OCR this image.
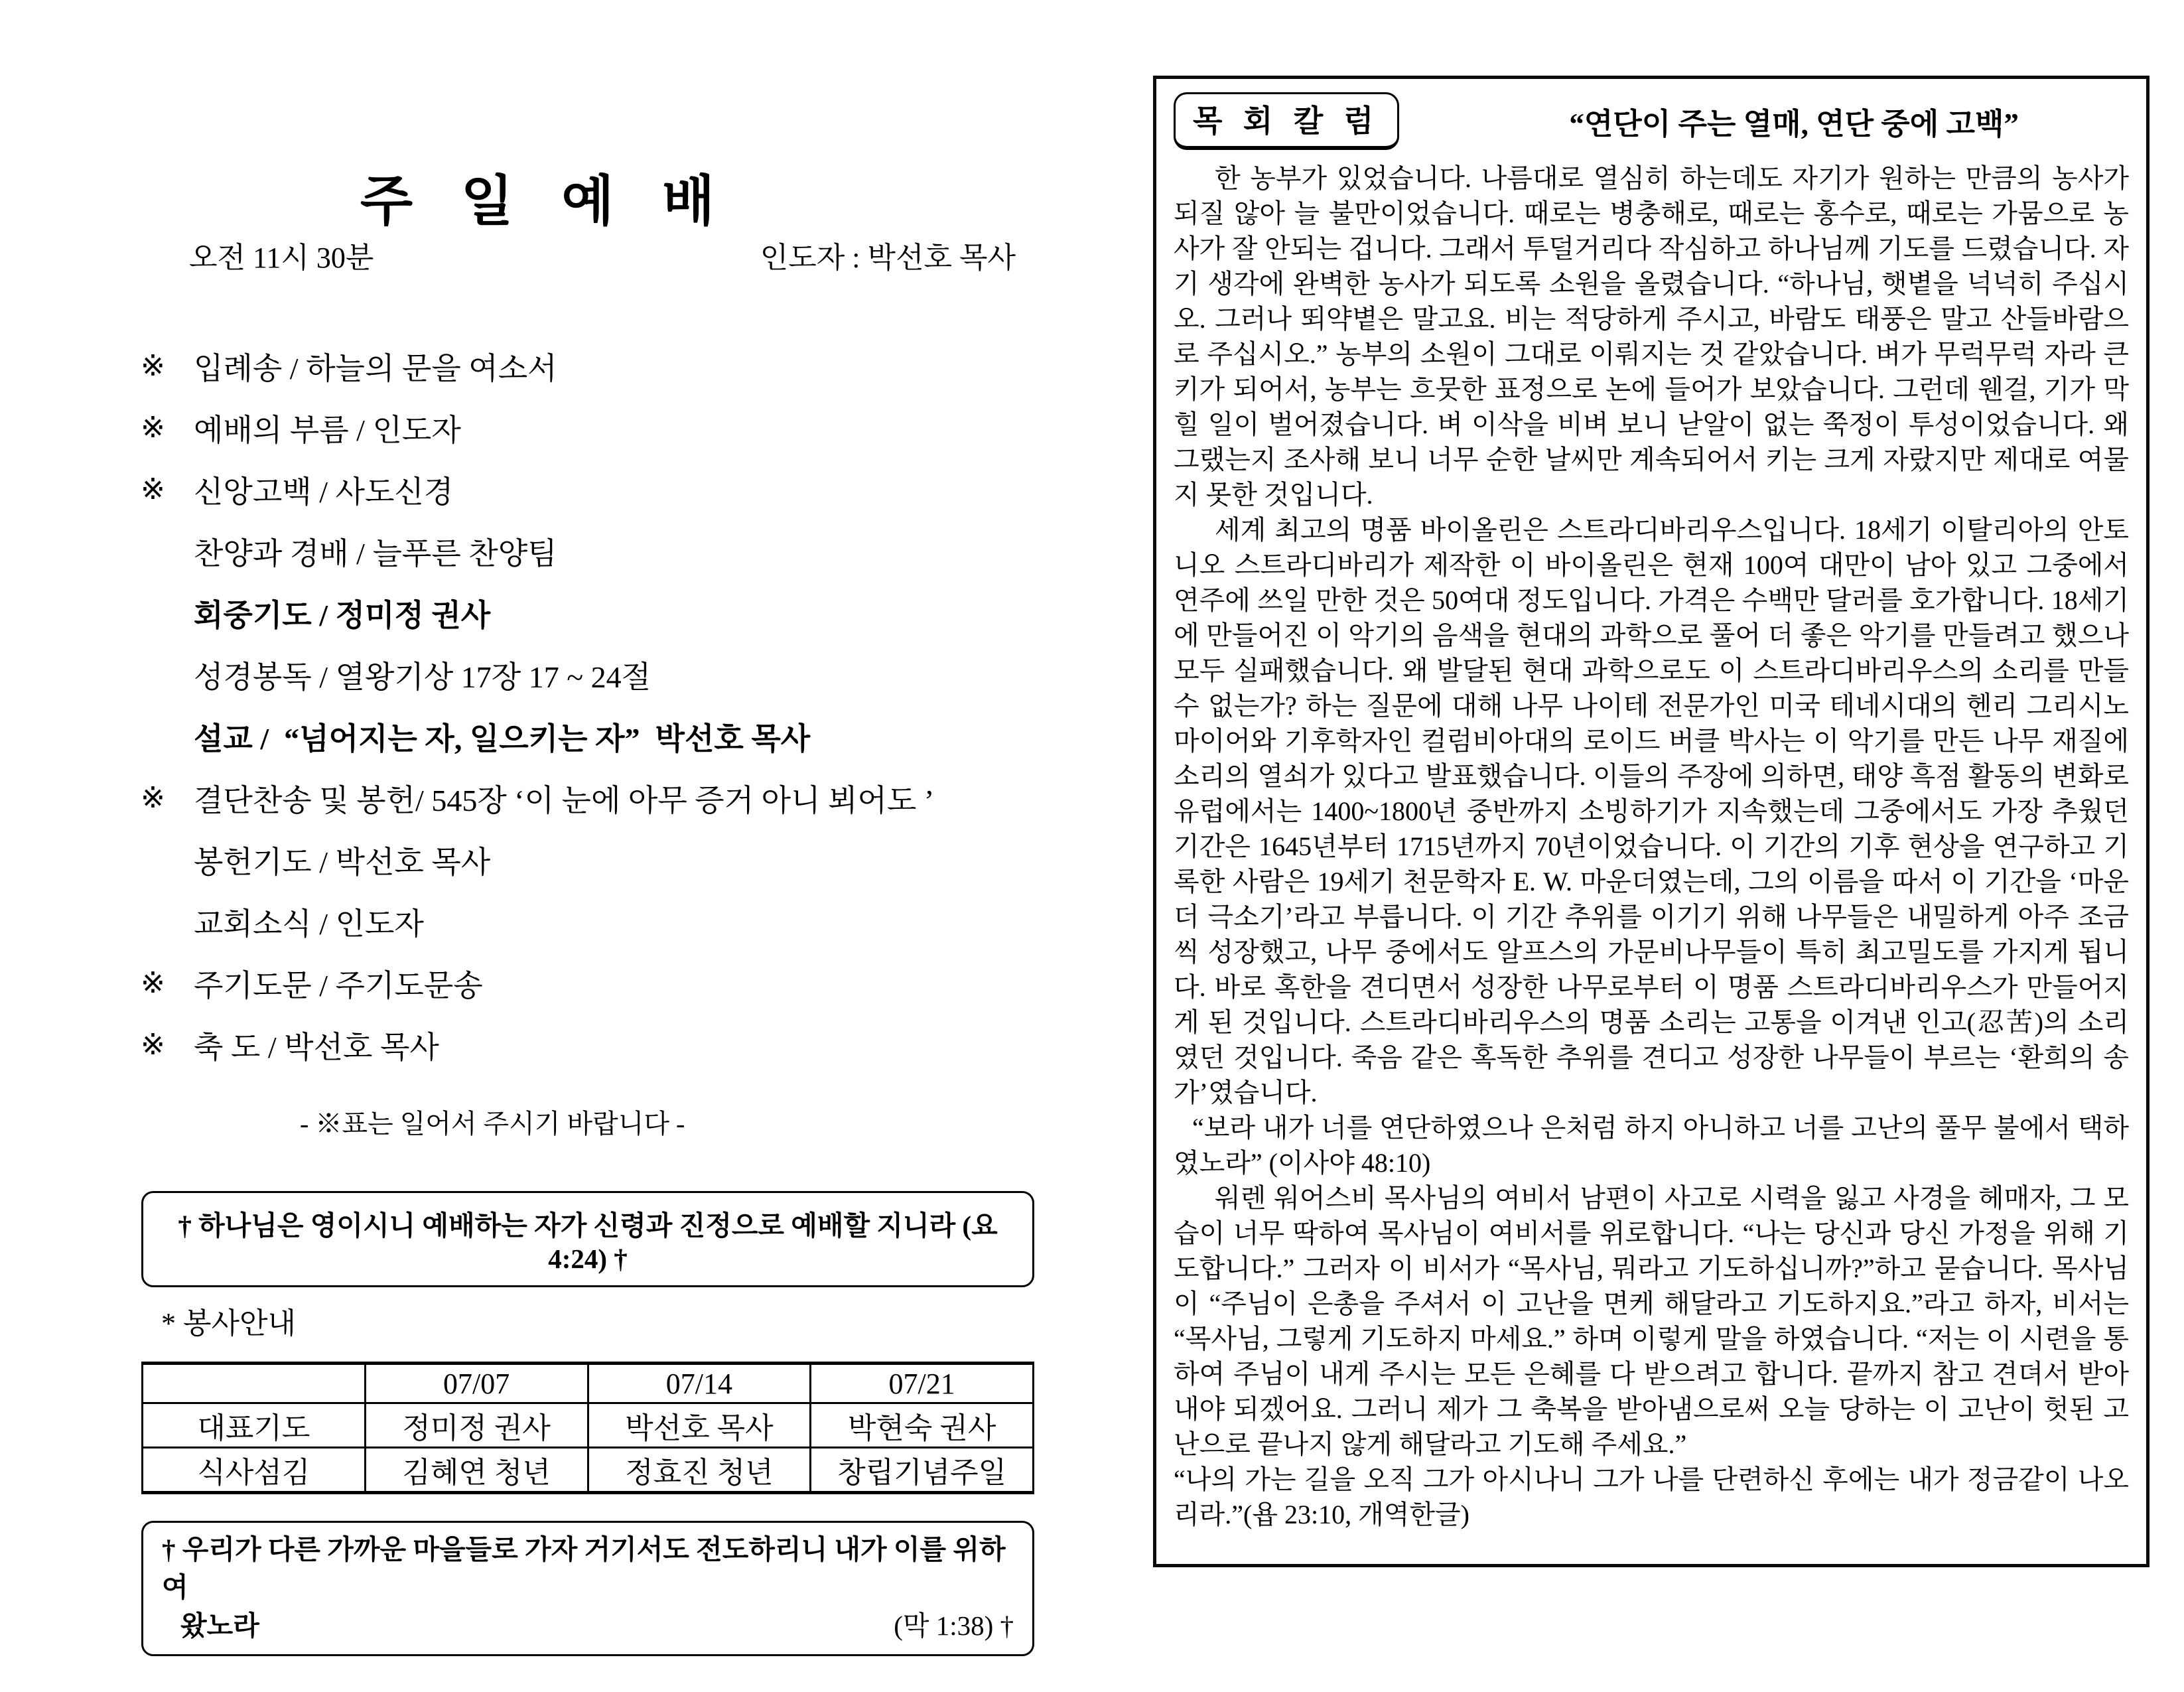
주 일 예 배
오전 11시 30분	인도자 : 박선호 목사
※ 입례송 / 하늘의 문을 여소서
※ 예배의 부름 / 인도자
※ 신앙고백 / 사도신경
찬양과 경배 / 늘푸른 찬양팀
회중기도 / 정미정 권사
성경봉독 / 열왕기상 17장 17 ~ 24절
설교 /  “넘어지는 자, 일으키는 자”  박선호 목사
※ 결단찬송 및 봉헌/ 545장 ‘이 눈에 아무 증거 아니 뵈어도 ’
봉헌기도 / 박선호 목사
교회소식 / 인도자
※ 주기도문 / 주기도문송
※ 축 도 / 박선호 목사
- ※표는 일어서 주시기 바랍니다 -
† 하나님은 영이시니 예배하는 자가 신령과 진정으로 예배할 지니라 (요4:24) †
* 봉사안내
	07/07	07/14	07/21
대표기도	정미정 권사	박선호 목사	박현숙 권사
식사섬김	김혜연 청년	정효진 청년	창립기념주일
† 우리가 다른 가까운 마을들로 가자 거기서도 전도하리니 내가 이를 위하여
왔노라	(막 1:38) †
목 회 칼 럼	“연단이 주는 열매, 연단 중에 고백”

한 농부가 있었습니다. 나름대로 열심히 하는데도 자기가 원하는 만큼의 농사가 되질 않아 늘 불만이었습니다. 때로는 병충해로, 때로는 홍수로, 때로는 가뭄으로 농사가 잘 안되는 겁니다. 그래서 투덜거리다 작심하고 하나님께 기도를 드렸습니다. 자기 생각에 완벽한 농사가 되도록 소원을 올렸습니다. “하나님, 햇볕을 넉넉히 주십시오. 그러나 뙤약볕은 말고요. 비는 적당하게 주시고, 바람도 태풍은 말고 산들바람으로 주십시오.” 농부의 소원이 그대로 이뤄지는 것 같았습니다. 벼가 무럭무럭 자라 큰 키가 되어서, 농부는 흐뭇한 표정으로 논에 들어가 보았습니다. 그런데 웬걸, 기가 막힐 일이 벌어졌습니다. 벼 이삭을 비벼 보니 낟알이 없는 쭉정이 투성이었습니다. 왜 그랬는지 조사해 보니 너무 순한 날씨만 계속되어서 키는 크게 자랐지만 제대로 여물지 못한 것입니다.

세계 최고의 명품 바이올린은 스트라디바리우스입니다. 18세기 이탈리아의 안토니오 스트라디바리가 제작한 이 바이올린은 현재 100여 대만이 남아 있고 그중에서 연주에 쓰일 만한 것은 50여대 정도입니다. 가격은 수백만 달러를 호가합니다. 18세기에 만들어진 이 악기의 음색을 현대의 과학으로 풀어 더 좋은 악기를 만들려고 했으나 모두 실패했습니다. 왜 발달된 현대 과학으로도 이 스트라디바리우스의 소리를 만들 수 없는가? 하는 질문에 대해 나무 나이테 전문가인 미국 테네시대의 헨리 그리시노마이어와 기후학자인 컬럼비아대의 로이드 버클 박사는 이 악기를 만든 나무 재질에 소리의 열쇠가 있다고 발표했습니다. 이들의 주장에 의하면, 태양 흑점 활동의 변화로 유럽에서는 1400~1800년 중반까지 소빙하기가 지속했는데 그중에서도 가장 추웠던 기간은 1645년부터 1715년까지 70년이었습니다. 이 기간의 기후 현상을 연구하고 기록한 사람은 19세기 천문학자 E. W. 마운더였는데, 그의 이름을 따서 이 기간을 ‘마운더 극소기’라고 부릅니다. 이 기간 추위를 이기기 위해 나무들은 내밀하게 아주 조금씩 성장했고, 나무 중에서도 알프스의 가문비나무들이 특히 최고밀도를 가지게 됩니다. 바로 혹한을 견디면서 성장한 나무로부터 이 명품 스트라디바리우스가 만들어지게 된 것입니다. 스트라디바리우스의 명품 소리는 고통을 이겨낸 인고(忍苦)의 소리였던 것입니다. 죽음 같은 혹독한 추위를 견디고 성장한 나무들이 부르는 ‘환희의 송가’였습니다.

“보라 내가 너를 연단하였으나 은처럼 하지 아니하고 너를 고난의 풀무 불에서 택하였노라” (이사야 48:10)

워렌 워어스비 목사님의 여비서 남편이 사고로 시력을 잃고 사경을 헤매자, 그 모습이 너무 딱하여 목사님이 여비서를 위로합니다. “나는 당신과 당신 가정을 위해 기도합니다.” 그러자 이 비서가 “목사님, 뭐라고 기도하십니까?”하고 묻습니다. 목사님이 “주님이 은총을 주셔서 이 고난을 면케 해달라고 기도하지요.”라고 하자, 비서는 “목사님, 그렇게 기도하지 마세요.” 하며 이렇게 말을 하였습니다. “저는 이 시련을 통하여 주님이 내게 주시는 모든 은혜를 다 받으려고 합니다. 끝까지 참고 견뎌서 받아 내야 되겠어요. 그러니 제가 그 축복을 받아냄으로써 오늘 당하는 이 고난이 헛된 고난으로 끝나지 않게 해달라고 기도해 주세요.”

“나의 가는 길을 오직 그가 아시나니 그가 나를 단련하신 후에는 내가 정금같이 나오리라.”(욥 23:10, 개역한글)
